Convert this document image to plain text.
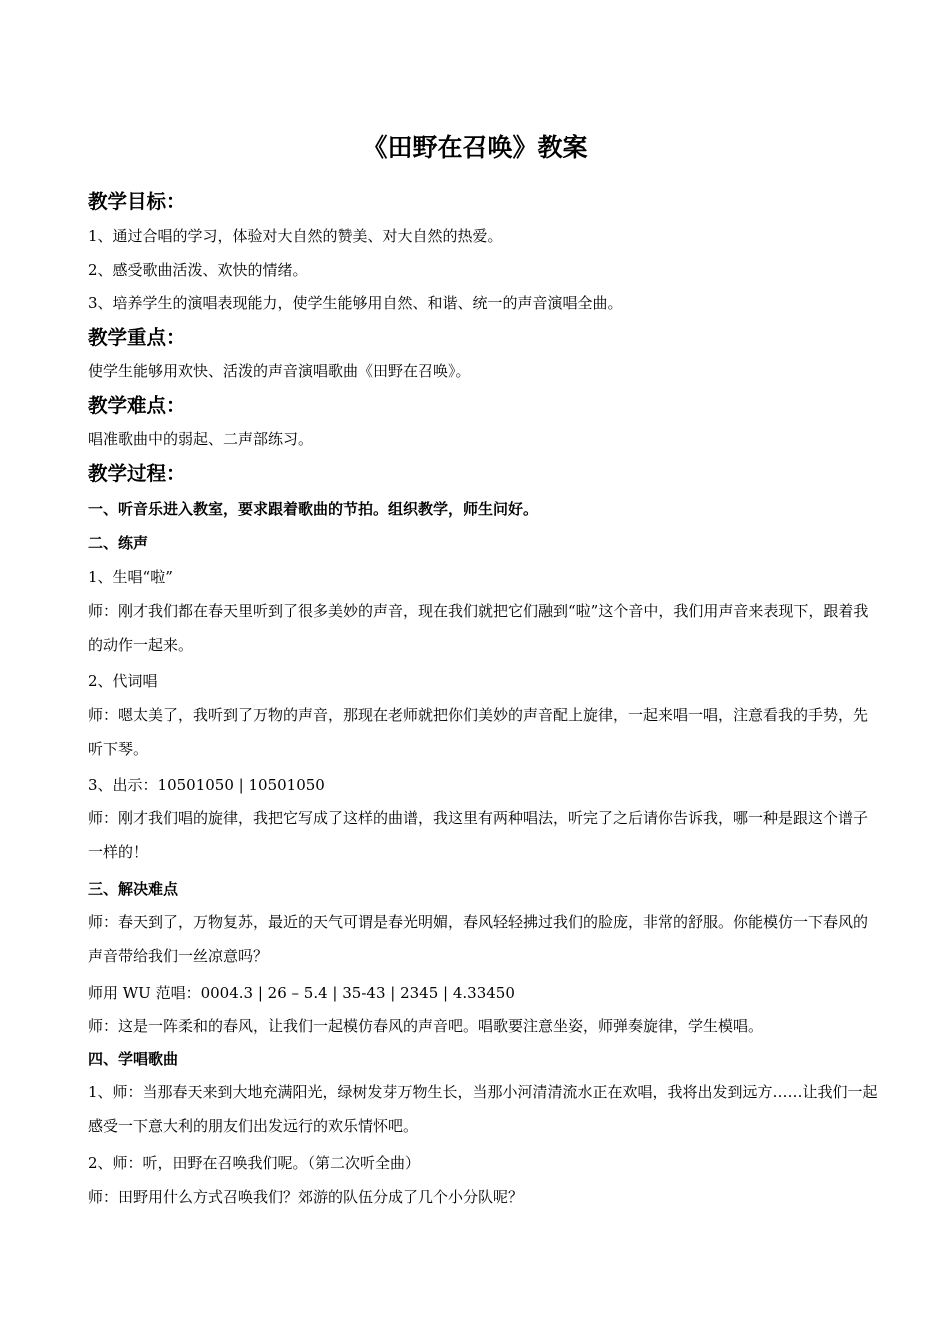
《田野在召唤》教案
教学目标：
1、通过合唱的学习，体验对大自然的赞美、对大自然的热爱。
2、感受歌曲活泼、欢快的情绪。
3、培养学生的演唱表现能力，使学生能够用自然、和谐、统一的声音演唱全曲。
教学重点：
使学生能够用欢快、活泼的声音演唱歌曲《田野在召唤》。
教学难点：
唱准歌曲中的弱起、二声部练习。
教学过程：
一、听音乐进入教室，要求跟着歌曲的节拍。组织教学，师生问好。
二、练声
1、生唱“啦”
师：刚才我们都在春天里听到了很多美妙的声音，现在我们就把它们融到“啦”这个音中，我们用声音来表现下，跟着我的动作一起来。
2、代词唱
师：嗯太美了，我听到了万物的声音，那现在老师就把你们美妙的声音配上旋律，一起来唱一唱，注意看我的手势，先听下琴。
3、出示：10501050 | 10501050
师：刚才我们唱的旋律，我把它写成了这样的曲谱，我这里有两种唱法，听完了之后请你告诉我，哪一种是跟这个谱子一样的！
三、解决难点
师：春天到了，万物复苏，最近的天气可谓是春光明媚，春风轻轻拂过我们的脸庞，非常的舒服。你能模仿一下春风的声音带给我们一丝凉意吗？
师用 WU 范唱：0004.3 | 26 – 5.4 | 35-43 | 2345 | 4.33450
师：这是一阵柔和的春风，让我们一起模仿春风的声音吧。唱歌要注意坐姿，师弹奏旋律，学生模唱。
四、学唱歌曲
1、师：当那春天来到大地充满阳光，绿树发芽万物生长，当那小河清清流水正在欢唱，我将出发到远方……让我们一起感受一下意大利的朋友们出发远行的欢乐情怀吧。
2、师：听，田野在召唤我们呢。（第二次听全曲）
师：田野用什么方式召唤我们？郊游的队伍分成了几个小分队呢？
